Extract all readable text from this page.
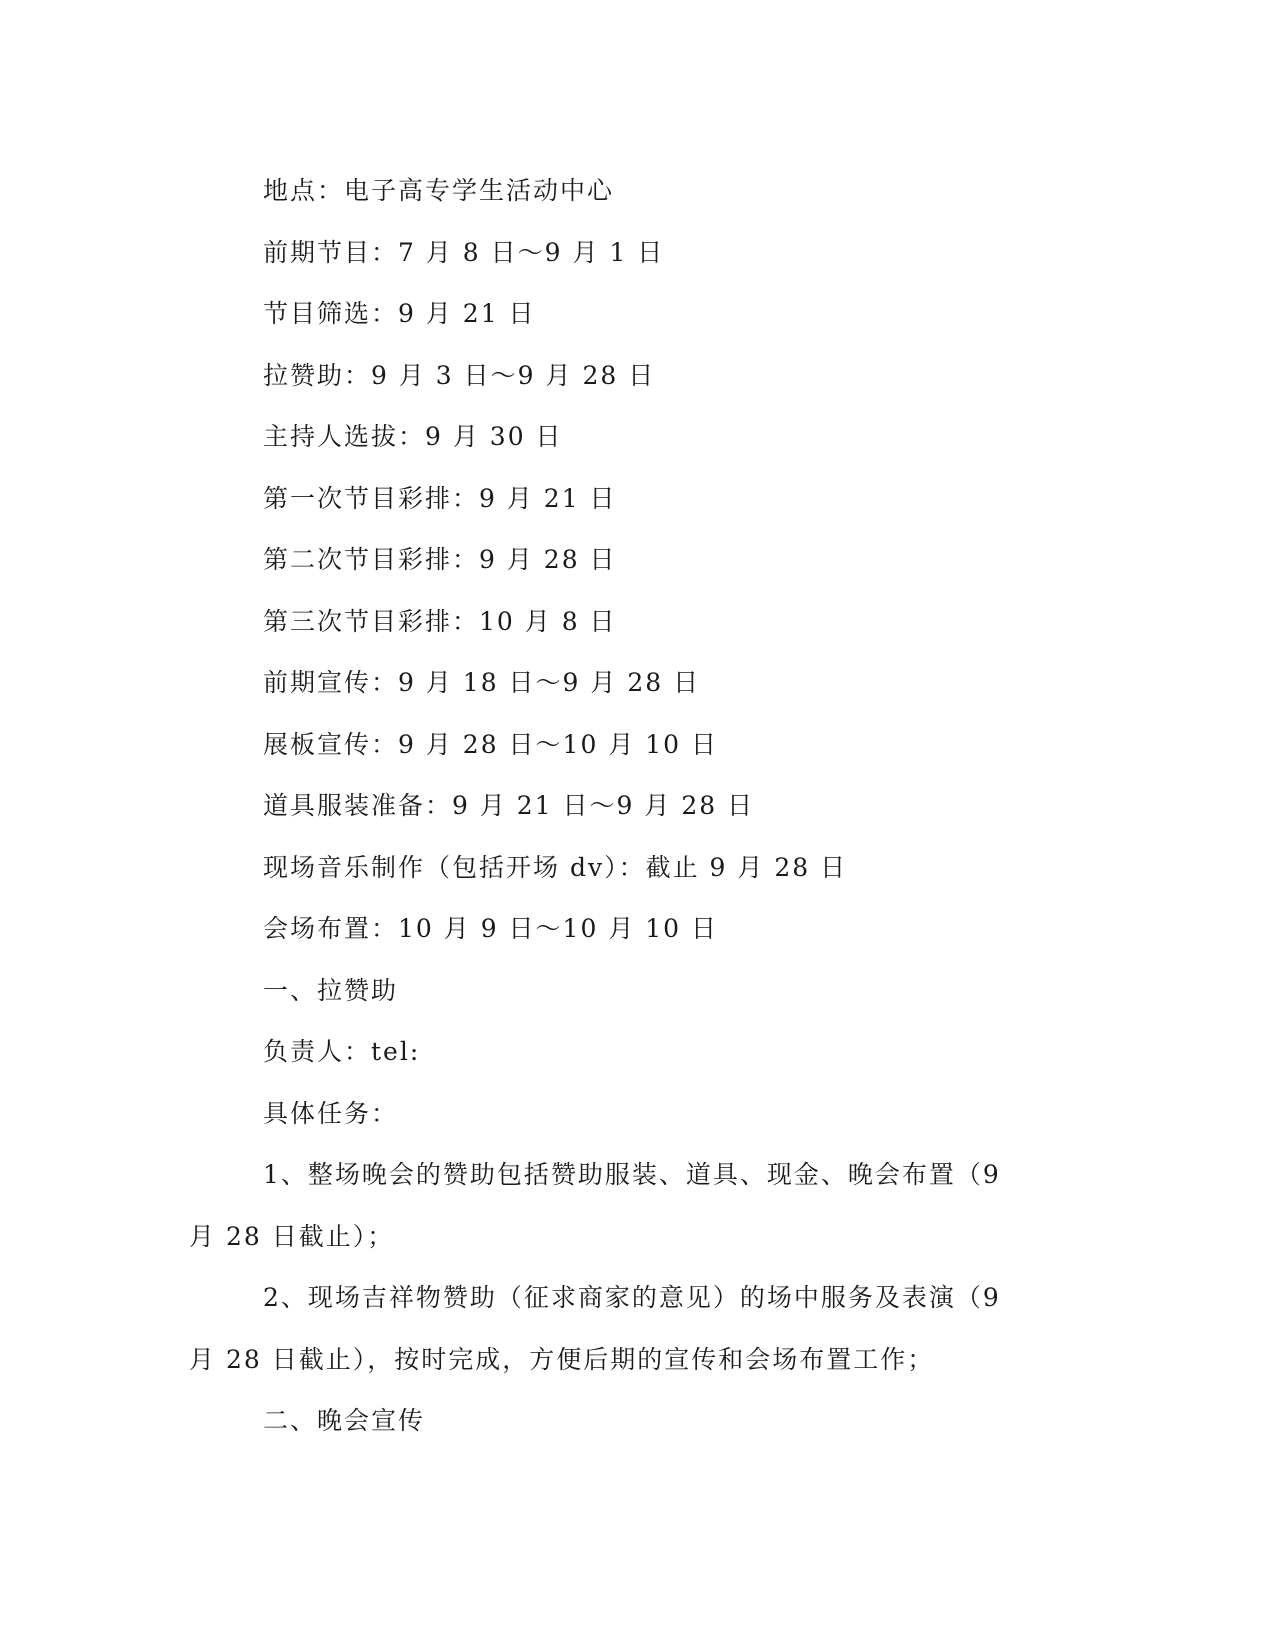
地点：电子高专学生活动中心
前期节目：7 月 8 日～9 月 1 日
节目筛选：9 月 21 日
拉赞助：9 月 3 日～9 月 28 日
主持人选拔：9 月 30 日
第一次节目彩排：9 月 21 日
第二次节目彩排：9 月 28 日
第三次节目彩排：10 月 8 日
前期宣传：9 月 18 日～9 月 28 日
展板宣传：9 月 28 日～10 月 10 日
道具服装准备：9 月 21 日～9 月 28 日
现场音乐制作（包括开场 dv）：截止 9 月 28 日
会场布置：10 月 9 日～10 月 10 日
一、拉赞助
负责人：tel:
具体任务：
1、整场晚会的赞助包括赞助服装、道具、现金、晚会布置（9
月 28 日截止）；
2、现场吉祥物赞助（征求商家的意见）的场中服务及表演（9
月 28 日截止），按时完成，方便后期的宣传和会场布置工作；
二、晚会宣传
